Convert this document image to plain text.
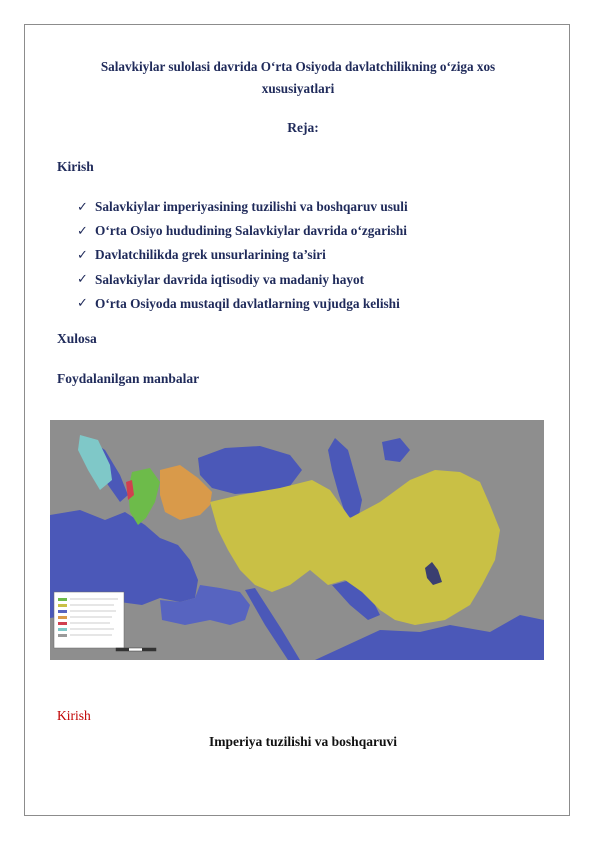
Salavkiylar sulolasi davrida O‘rta Osiyoda davlatchilikning o‘ziga xos
xususiyatlari
Reja:
Kirish
✓ Salavkiylar imperiyasining tuzilishi va boshqaruv usuli
✓ O‘rta Osiyo hududining Salavkiylar davrida o‘zgarishi
✓ Davlatchilikda grek unsurlarining ta’siri
✓ Salavkiylar davrida iqtisodiy va madaniy hayot
✓ O‘rta Osiyoda mustaqil davlatlarning vujudga kelishi
Xulosa
Foydalanilgan manbalar
Kirish
Imperiya tuzilishi va boshqaruvi
